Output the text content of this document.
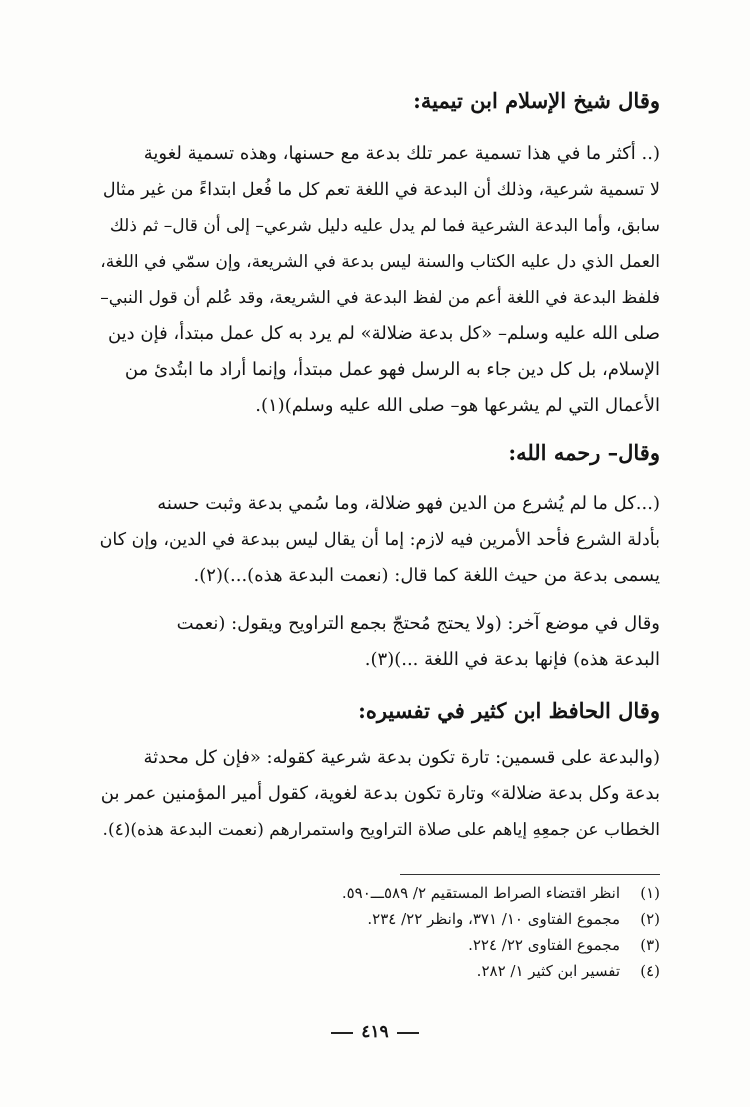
وقال شيخ الإسلام ابن تيمية:
(.. أكثر ما في هذا تسمية عمر تلك بدعة مع حسنها، وهذه تسمية لغوية
لا تسمية شرعية، وذلك أن البدعة في اللغة تعم كل ما فُعل ابتداءً من غير مثال
سابق، وأما البدعة الشرعية فما لم يدل عليه دليل شرعي– إلى أن قال– ثم ذلك
العمل الذي دل عليه الكتاب والسنة ليس بدعة في الشريعة، وإن سمّي في اللغة،
فلفظ البدعة في اللغة أعم من لفظ البدعة في الشريعة، وقد عُلم أن قول النبي–
صلى الله عليه وسلم– «كل بدعة ضلالة» لم يرد به كل عمل مبتدأ، فإن دين
الإسلام، بل كل دين جاء به الرسل فهو عمل مبتدأ، وإنما أراد ما ابتُدئ من
الأعمال التي لم يشرعها هو– صلى الله عليه وسلم)(١).
وقال– رحمه الله:
(...كل ما لم يُشرع من الدين فهو ضلالة، وما سُمي بدعة وثبت حسنه
بأدلة الشرع فأحد الأمرين فيه لازم: إما أن يقال ليس ببدعة في الدين، وإن كان
يسمى بدعة من حيث اللغة كما قال: (نعمت البدعة هذه)...)(٢).
وقال في موضع آخر: (ولا يحتج مُحتجّ بجمع التراويح ويقول: (نعمت
البدعة هذه) فإنها بدعة في اللغة ...)(٣).
وقال الحافظ ابن كثير في تفسيره:
(والبدعة على قسمين: تارة تكون بدعة شرعية كقوله: «فإن كل محدثة
بدعة وكل بدعة ضلالة» وتارة تكون بدعة لغوية، كقول أمير المؤمنين عمر بن
الخطاب عن جمعِهِ إياهم على صلاة التراويح واستمرارهم (نعمت البدعة هذه)(٤).
(١)انظر اقتضاء الصراط المستقيم ٢/ ٥٨٩ـــ٥٩٠.
(٢)مجموع الفتاوى ١٠/ ٣٧١، وانظر ٢٢/ ٢٣٤.
(٣)مجموع الفتاوى ٢٢/ ٢٢٤.
(٤)تفسير ابن كثير ١/ ٢٨٢.
٤١٩
